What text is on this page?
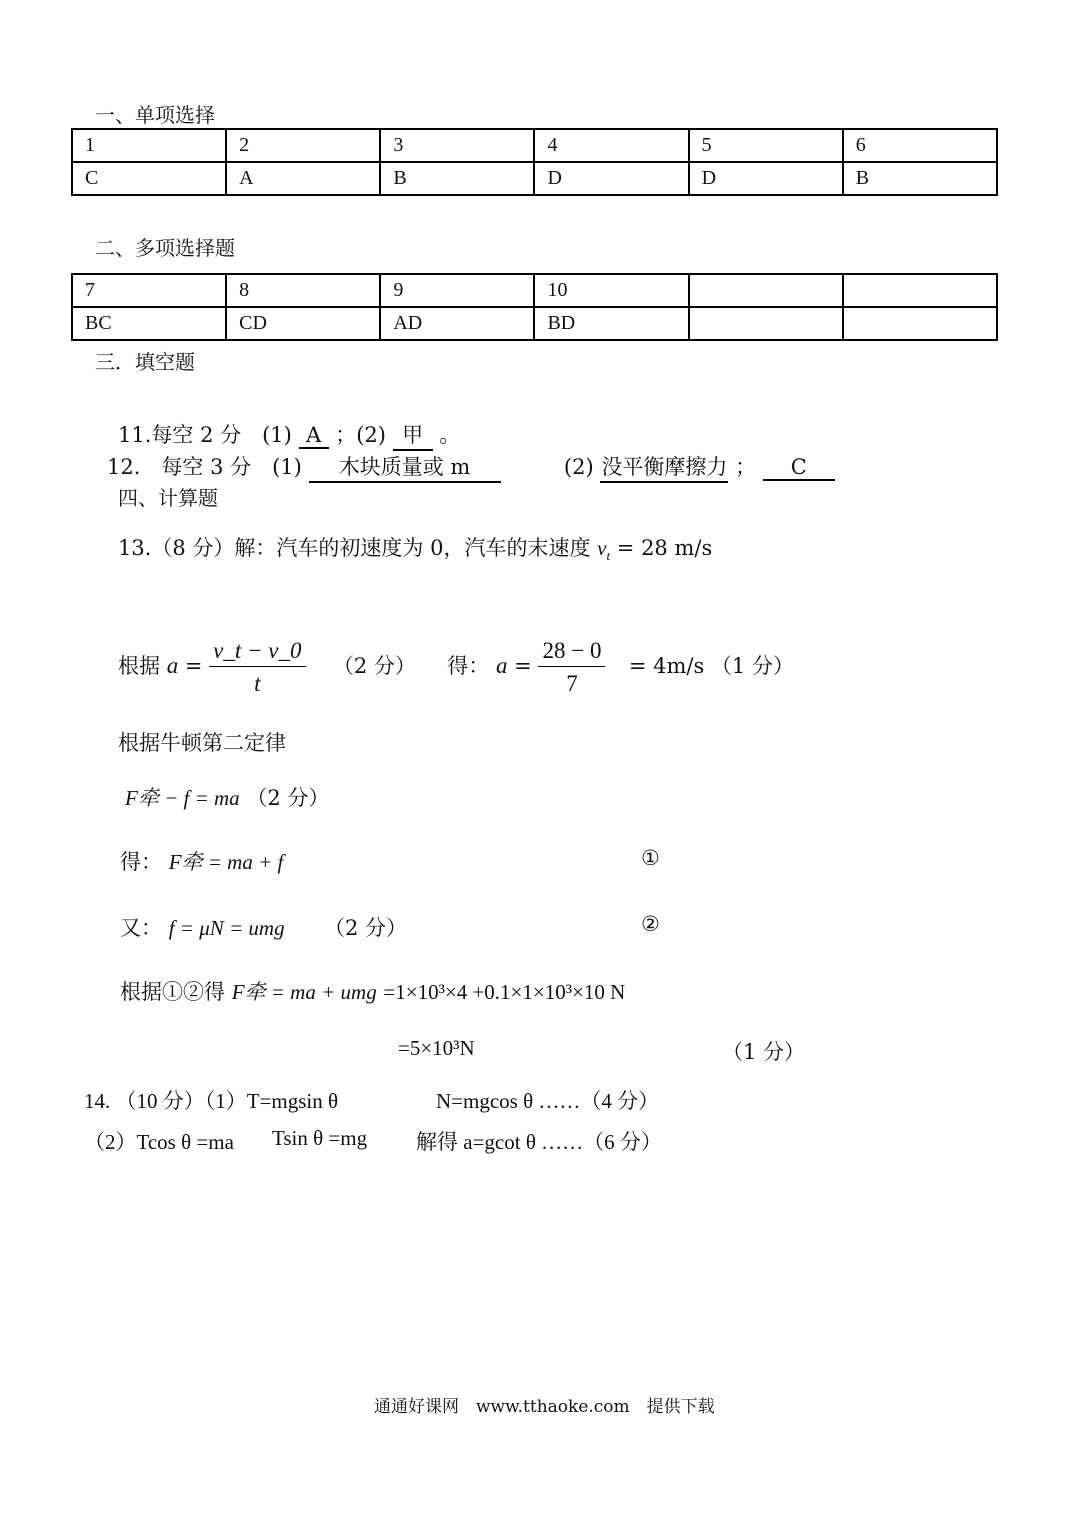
一、单项选择
1	2	3	4	5	6
C	A	B	D	D	B
二、多项选择题
7	8	9	10		
BC	CD	AD	BD		
三．填空题
11.每空 2 分　(1) A ；(2) 甲 。
12.　每空 3 分　(1) 木块质量或 m	(2) 没平衡摩擦力 ； C
四、计算题
13.（8 分）解：汽车的初速度为 0，汽车的末速度 $v_t = 28$ m/s
根据 $a = \frac{v\_t - v\_0}{t} (2$ 分） 得： $a = \frac{28 - 0}{7} = 4m/s$ （1 分）
根据牛顿第二定律
F牵 − f = ma （2 分）
得： F牵 = ma + f	①
又： f = μN = umg （2 分）	②
根据①②得 F牵 = ma + umg =1×10³×4 +0.1×1×10³×10 N
=5×10³N	（1 分）
14. （10 分）（1）T=mgsin θ	N=mgcos θ ……（4 分）
（2）Tcos θ =ma Tsin θ =mg 解得 a=gcot θ ……（6 分）
通通好课网　www.tthaoke.com　提供下载
